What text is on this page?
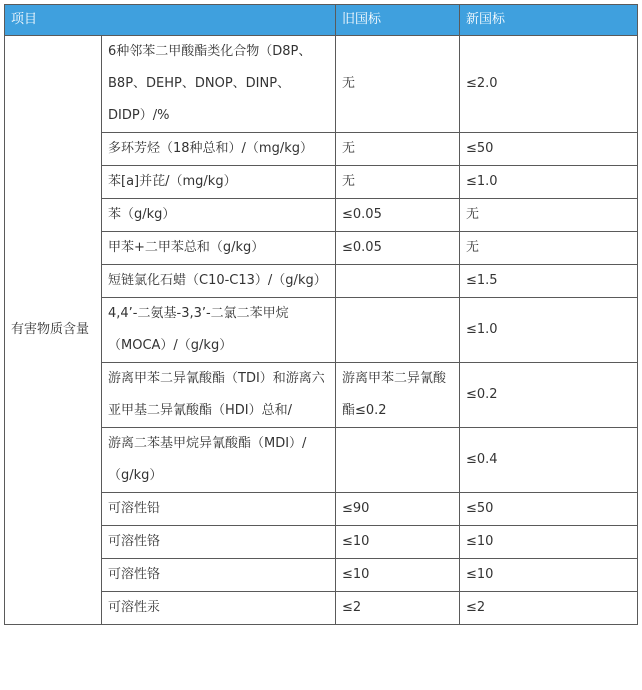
项目		旧国标	新国标
有害物质含量	6种邻苯二甲酸酯类化合物（D8P、B8P、DEHP、DNOP、DINP、DIDP）/%	无	≤2.0
	多环芳烃（18种总和）/（mg/kg）	无	≤50
	苯[a]并芘/（mg/kg）	无	≤1.0
	苯（g/kg）	≤0.05	无
	甲苯+二甲苯总和（g/kg）	≤0.05	无
	短链氯化石蜡（C10-C13）/（g/kg）		≤1.5
	4,4’-二氨基-3,3’-二氯二苯甲烷（MOCA）/（g/kg）		≤1.0
	游离甲苯二异氰酸酯（TDI）和游离六亚甲基二异氰酸酯（HDI）总和/	游离甲苯二异氰酸酯≤0.2	≤0.2
	游离二苯基甲烷异氰酸酯（MDI）/（g/kg）		≤0.4
	可溶性铅	≤90	≤50
	可溶性铬	≤10	≤10
	可溶性铬	≤10	≤10
	可溶性汞	≤2	≤2
